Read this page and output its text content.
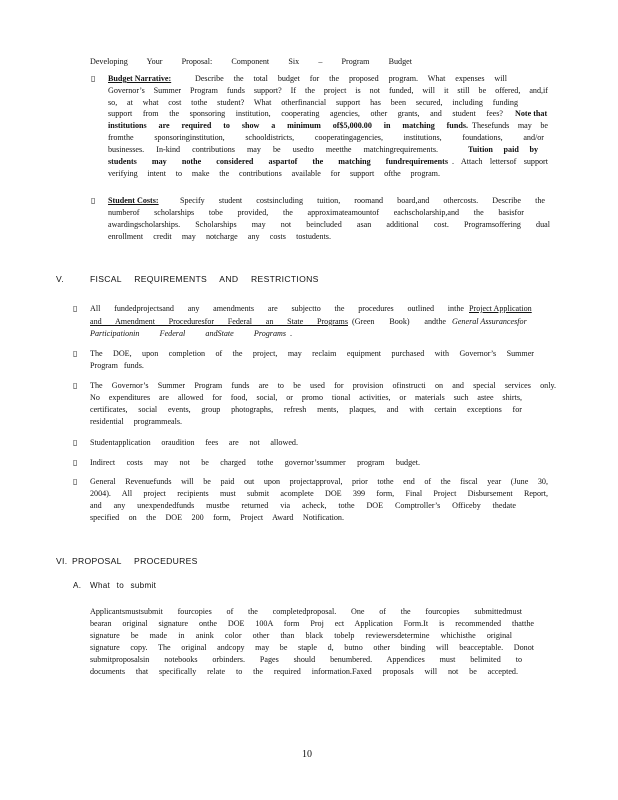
Developing Your Proposal: Component Six – Program Budget
▯ Budget Narrative:	Describe the total budget for the proposed program. What expenses will
Governor’s Summer Program funds support? If the project is not funded, will it still be offered, and,if
so, at what cost tothe student? What otherfinancial support has been secured, including funding
support from the sponsoring institution, cooperating agencies, other grants, and student fees? Note that
institutions are required to show a minimum of$5,000.00 in matching funds. Thesefunds may be
fromthe sponsoringinstitution, schooldistricts, cooperatingagencies, institutions, foundations, and/or
businesses. In-kind contributions may be usedto meetthe matchingrequirements.	Tuition paid by
students may nothe considered aspartof the matching fundrequirements . Attach lettersof support
verifying intent to make the contributions available for support ofthe program.
▯ Student Costs:	Specify student costsincluding tuition, roomand board,and othercosts. Describe the
numberof scholarships tobe provided, the approximateamountof eachscholarship,and the basisfor
awardingscholarships. Scholarships may not beincluded asan additional cost. Programsoffering dual
enrollment credit may notcharge any costs tostudents.
V.	FISCAL REQUIREMENTS AND RESTRICTIONS
▯ All fundedprojectsand any amendments are subjectto the procedures outlined inthe Project Application
and Amendment Proceduresfor Federal an State Programs (Green Book) andthe General Assurancesfor
Participationin Federal andState Programs .
▯ The DOE, upon completion of the project, may reclaim equipment purchased with Governor’s Summer
Program funds.
▯ The Governor’s Summer Program funds are to be used for provision ofinstructi on and special services only.
No expenditures are allowed for food, social, or promo tional activities, or materials such astee shirts,
certificates, social events, group photographs, refresh ments, plaques, and with certain exceptions for
residential programmeals.
▯ Studentapplication oraudition fees are not allowed.
▯ Indirect costs may not be charged tothe governor’ssummer program budget.
▯ General Revenuefunds will be paid out upon projectapproval, prior tothe end of the fiscal year (June 30,
2004). All project recipients must submit acomplete DOE 399 form, Final Project Disbursement Report,
and any unexpendedfunds mustbe returned via acheck, tothe DOE Comptroller’s Officeby thedate
specified on the DOE 200 form, Project Award Notification.
VI. PROPOSAL PROCEDURES
A. What to submit
Applicantsmustsubmit fourcopies of the completedproposal. One of the fourcopies submittedmust
bearan original signature onthe DOE 100A form Proj ect Application Form.It is recommended thatthe
signature be made in anink color other than black tobelp reviewersdetermine whichisthe original
signature copy. The original andcopy may be staple d, butno other binding will beacceptable. Donot
submitproposalsin notebooks orbinders. Pages should benumbered. Appendices must belimited to
documents that specifically relate to the required information.Faxed proposals will not be accepted.
10
